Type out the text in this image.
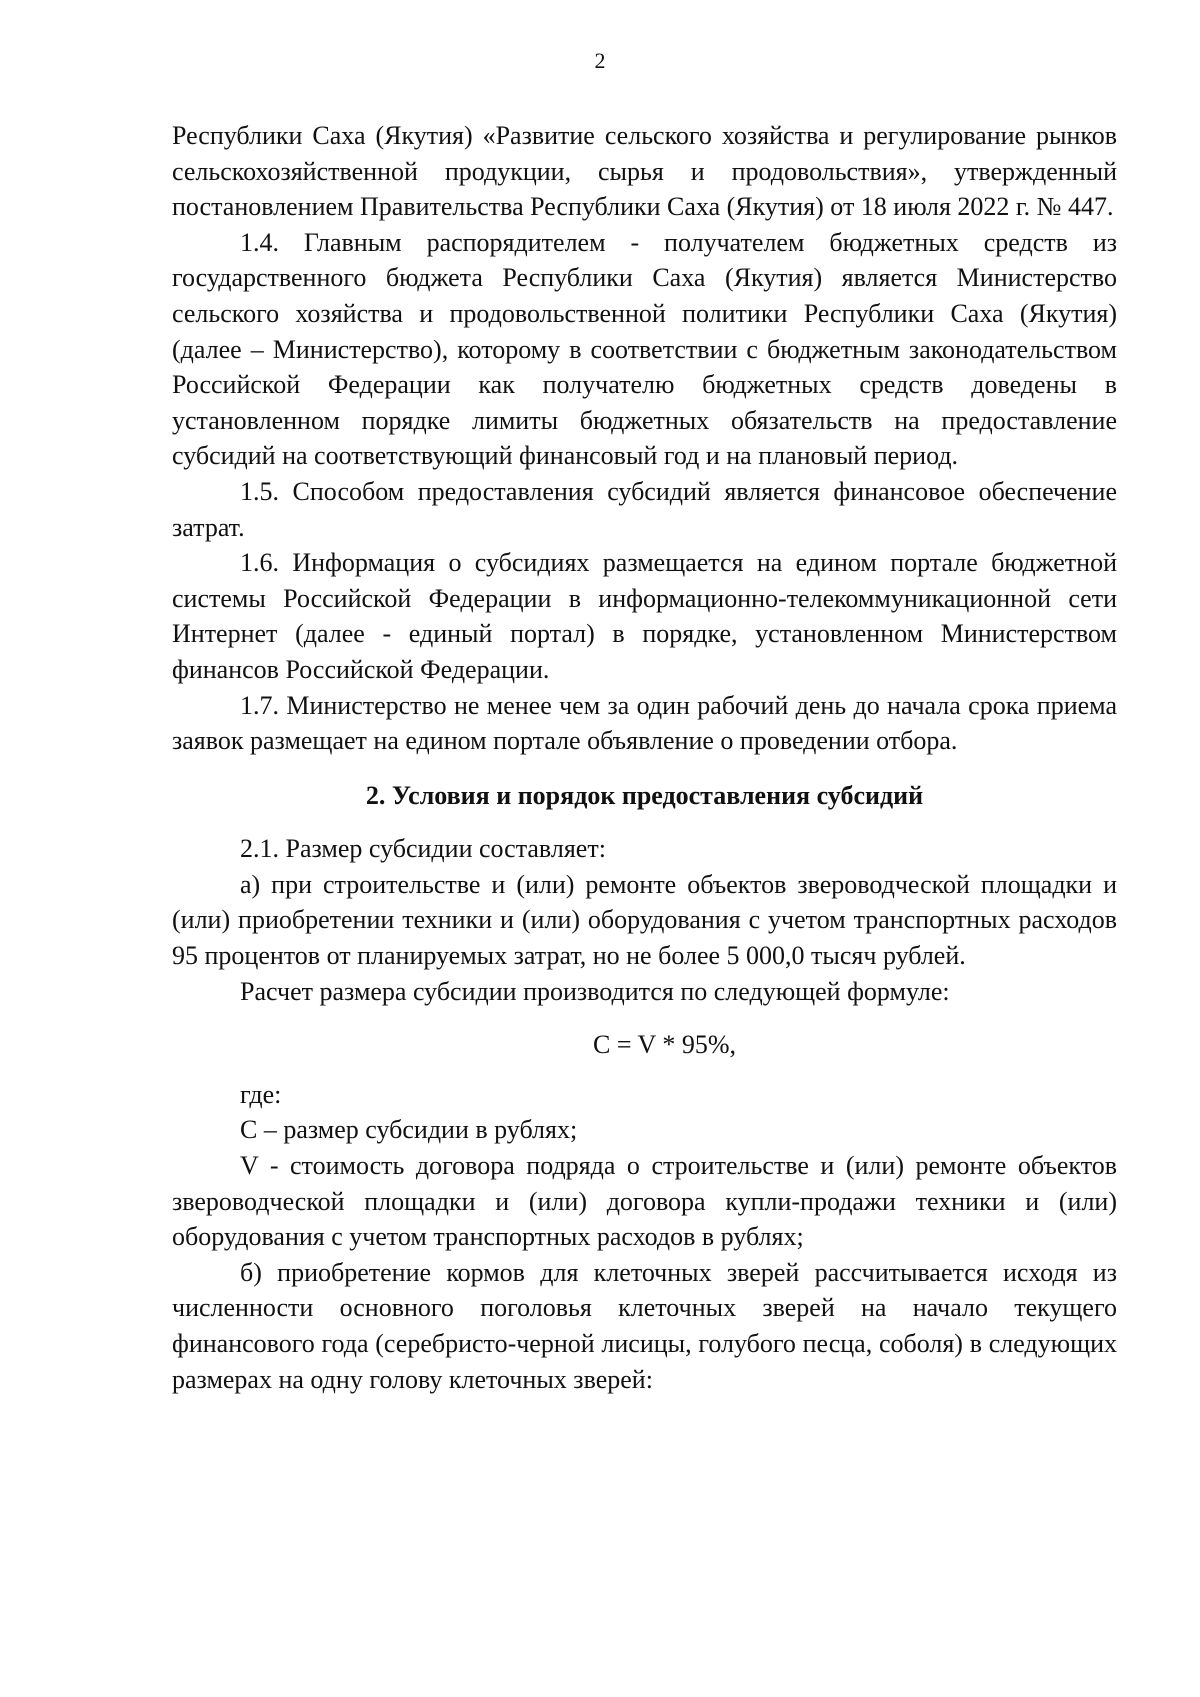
2

Республики Саха (Якутия) «Развитие сельского хозяйства и регулирование рынков сельскохозяйственной продукции, сырья и продовольствия», утвержденный постановлением Правительства Республики Саха (Якутия) от 18 июля 2022 г. № 447.

1.4. Главным распорядителем - получателем бюджетных средств из государственного бюджета Республики Саха (Якутия) является Министерство сельского хозяйства и продовольственной политики Республики Саха (Якутия) (далее – Министерство), которому в соответствии с бюджетным законодательством Российской Федерации как получателю бюджетных средств доведены в установленном порядке лимиты бюджетных обязательств на предоставление субсидий на соответствующий финансовый год и на плановый период.

1.5. Способом предоставления субсидий является финансовое обеспечение затрат.

1.6. Информация о субсидиях размещается на едином портале бюджетной системы Российской Федерации в информационно-телекоммуникационной сети Интернет (далее - единый портал) в порядке, установленном Министерством финансов Российской Федерации.

1.7. Министерство не менее чем за один рабочий день до начала срока приема заявок размещает на едином портале объявление о проведении отбора.

2. Условия и порядок предоставления субсидий

2.1. Размер субсидии составляет:

а) при строительстве и (или) ремонте объектов звероводческой площадки и (или) приобретении техники и (или) оборудования с учетом транспортных расходов 95 процентов от планируемых затрат, но не более 5 000,0 тысяч рублей.

Расчет размера субсидии производится по следующей формуле:

C = V * 95%,

где:

C – размер субсидии в рублях;

V - стоимость договора подряда о строительстве и (или) ремонте объектов звероводческой площадки и (или) договора купли-продажи техники и (или) оборудования с учетом транспортных расходов в рублях;

б) приобретение кормов для клеточных зверей рассчитывается исходя из численности основного поголовья клеточных зверей на начало текущего финансового года (серебристо-черной лисицы, голубого песца, соболя) в следующих размерах на одну голову клеточных зверей:
